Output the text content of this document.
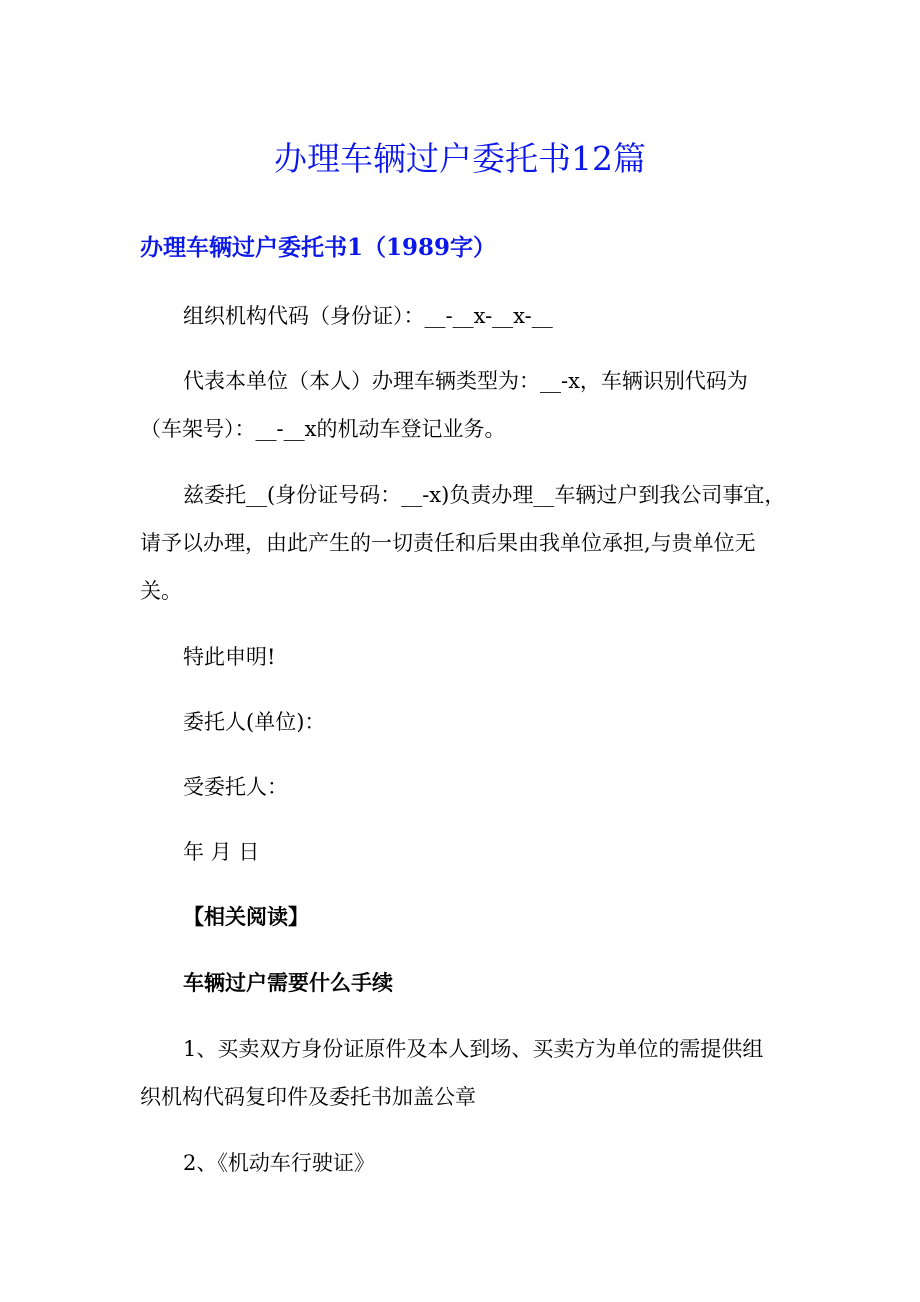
办理车辆过户委托书12篇
办理车辆过户委托书1（1989字）
组织机构代码（身份证）：__-__x-__x-__
代表本单位（本人）办理车辆类型为：__-x，车辆识别代码为
（车架号）：__-__x的机动车登记业务。
兹委托__(身份证号码：__-x)负责办理__车辆过户到我公司事宜，
请予以办理，由此产生的一切责任和后果由我单位承担,与贵单位无
关。
特此申明!
委托人(单位)：
受委托人：
年 月 日
【相关阅读】
车辆过户需要什么手续
1、买卖双方身份证原件及本人到场、买卖方为单位的需提供组
织机构代码复印件及委托书加盖公章
2、《机动车行驶证》
